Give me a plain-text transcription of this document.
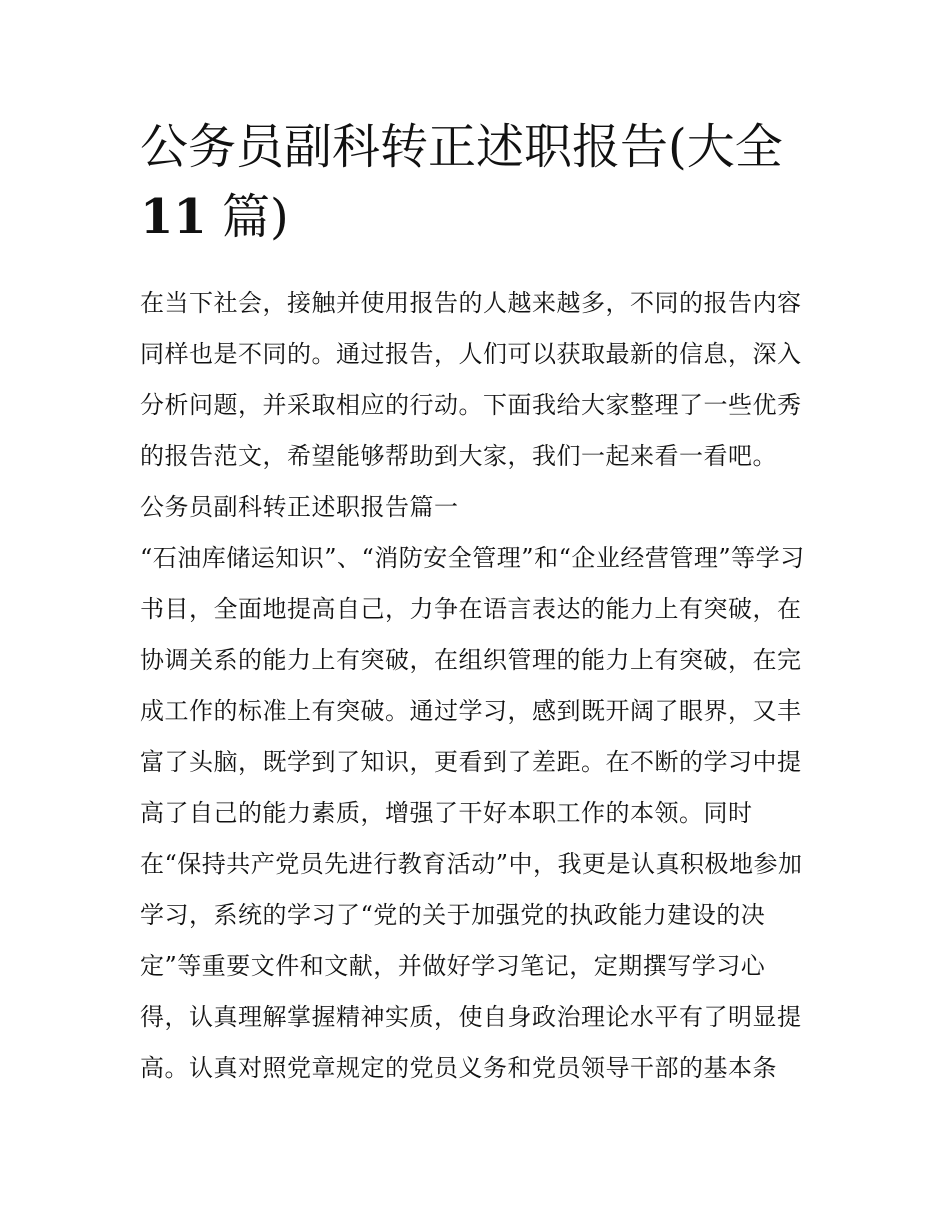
公务员副科转正述职报告(大全
11 篇)
在当下社会，接触并使用报告的人越来越多，不同的报告内容
同样也是不同的。通过报告，人们可以获取最新的信息，深入
分析问题，并采取相应的行动。下面我给大家整理了一些优秀
的报告范文，希望能够帮助到大家，我们一起来看一看吧。
公务员副科转正述职报告篇一
“石油库储运知识”、“消防安全管理”和“企业经营管理”等学习
书目，全面地提高自己，力争在语言表达的能力上有突破，在
协调关系的能力上有突破，在组织管理的能力上有突破，在完
成工作的标准上有突破。通过学习，感到既开阔了眼界，又丰
富了头脑，既学到了知识，更看到了差距。在不断的学习中提
高了自己的能力素质，增强了干好本职工作的本领。同时
在“保持共产党员先进行教育活动”中，我更是认真积极地参加
学习，系统的学习了“党的关于加强党的执政能力建设的决
定”等重要文件和文献，并做好学习笔记，定期撰写学习心
得，认真理解掌握精神实质，使自身政治理论水平有了明显提
高。认真对照党章规定的党员义务和党员领导干部的基本条
